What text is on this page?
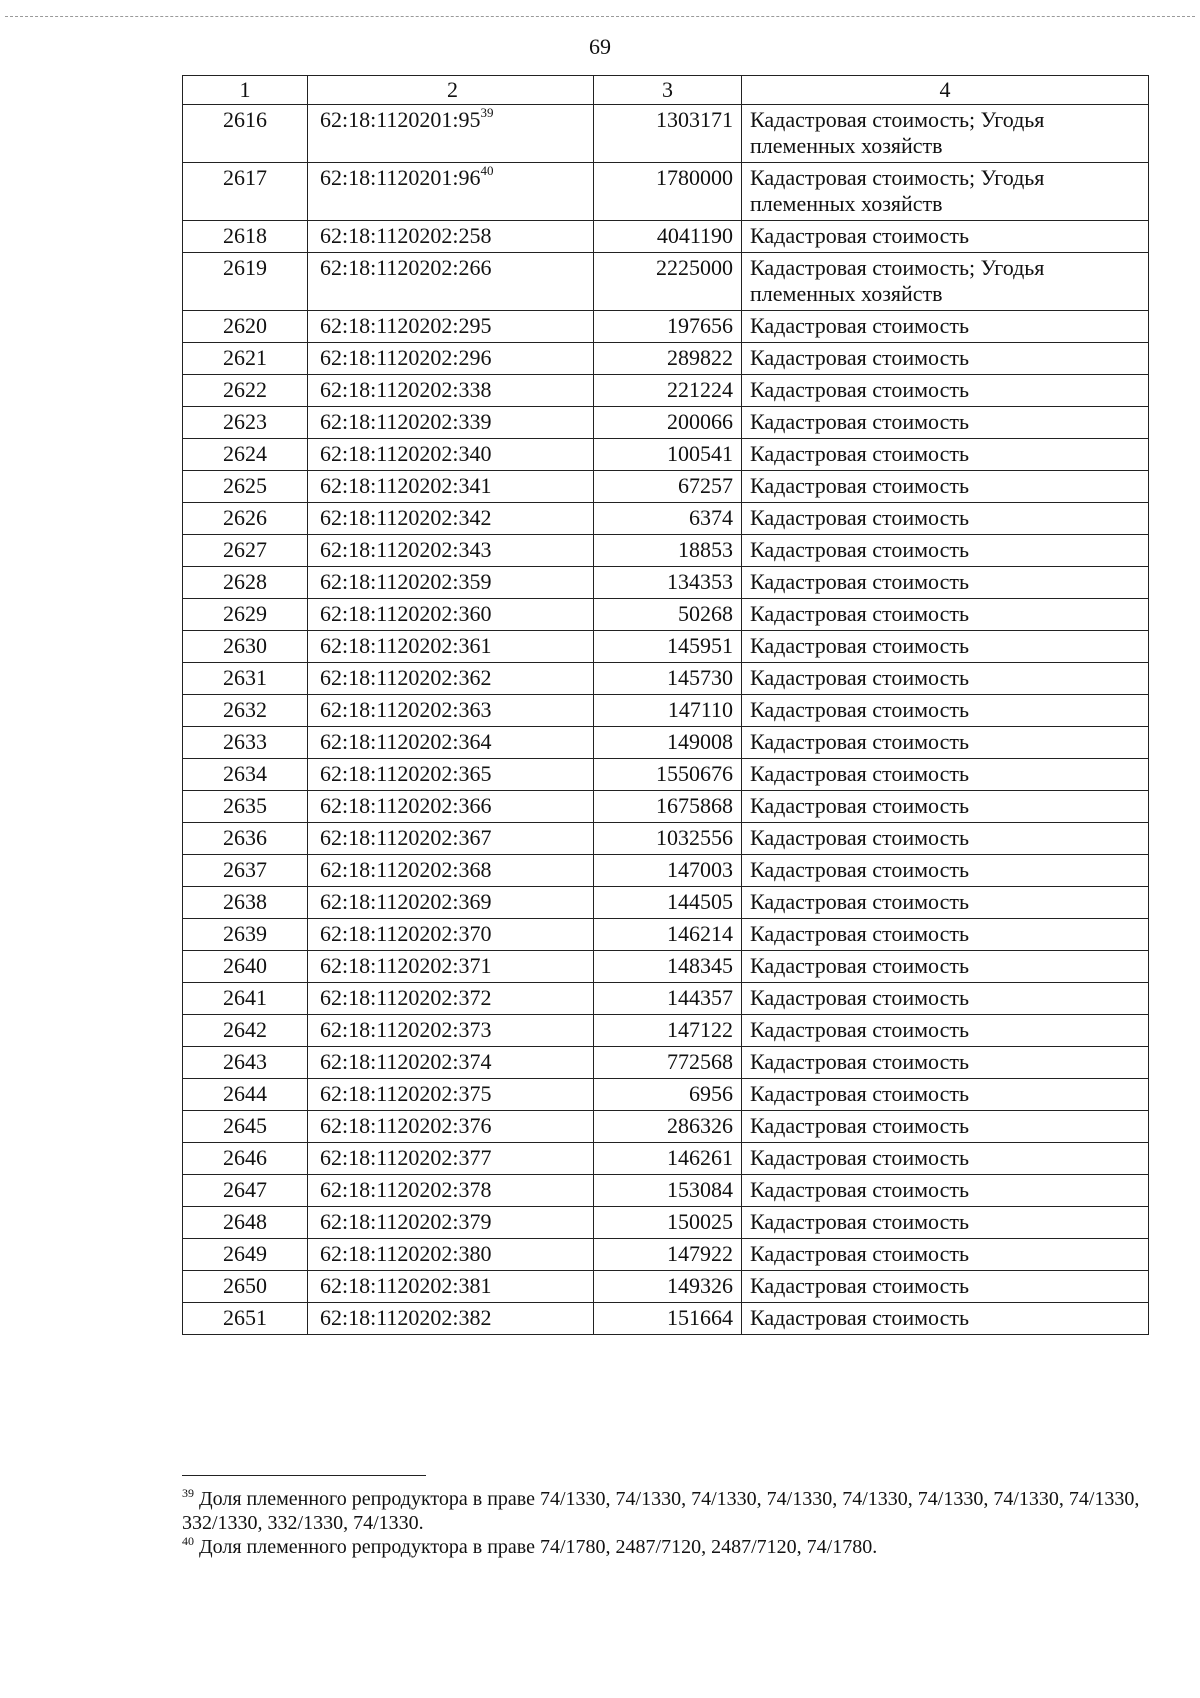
69
1	2	3	4
2616	$62:18:1120201:95^{39}$	1303171	Кадастровая стоимость; Угодья племенных хозяйств
2617	$62:18:1120201:96^{40}$	1780000	Кадастровая стоимость; Угодья племенных хозяйств
2618	62:18:1120202:258	4041190	Кадастровая стоимость
2619	62:18:1120202:266	2225000	Кадастровая стоимость; Угодья племенных хозяйств
2620	62:18:1120202:295	197656	Кадастровая стоимость
2621	62:18:1120202:296	289822	Кадастровая стоимость
2622	62:18:1120202:338	221224	Кадастровая стоимость
2623	62:18:1120202:339	200066	Кадастровая стоимость
2624	62:18:1120202:340	100541	Кадастровая стоимость
2625	62:18:1120202:341	67257	Кадастровая стоимость
2626	62:18:1120202:342	6374	Кадастровая стоимость
2627	62:18:1120202:343	18853	Кадастровая стоимость
2628	62:18:1120202:359	134353	Кадастровая стоимость
2629	62:18:1120202:360	50268	Кадастровая стоимость
2630	62:18:1120202:361	145951	Кадастровая стоимость
2631	62:18:1120202:362	145730	Кадастровая стоимость
2632	62:18:1120202:363	147110	Кадастровая стоимость
2633	62:18:1120202:364	149008	Кадастровая стоимость
2634	62:18:1120202:365	1550676	Кадастровая стоимость
2635	62:18:1120202:366	1675868	Кадастровая стоимость
2636	62:18:1120202:367	1032556	Кадастровая стоимость
2637	62:18:1120202:368	147003	Кадастровая стоимость
2638	62:18:1120202:369	144505	Кадастровая стоимость
2639	62:18:1120202:370	146214	Кадастровая стоимость
2640	62:18:1120202:371	148345	Кадастровая стоимость
2641	62:18:1120202:372	144357	Кадастровая стоимость
2642	62:18:1120202:373	147122	Кадастровая стоимость
2643	62:18:1120202:374	772568	Кадастровая стоимость
2644	62:18:1120202:375	6956	Кадастровая стоимость
2645	62:18:1120202:376	286326	Кадастровая стоимость
2646	62:18:1120202:377	146261	Кадастровая стоимость
2647	62:18:1120202:378	153084	Кадастровая стоимость
2648	62:18:1120202:379	150025	Кадастровая стоимость
2649	62:18:1120202:380	147922	Кадастровая стоимость
2650	62:18:1120202:381	149326	Кадастровая стоимость
2651	62:18:1120202:382	151664	Кадастровая стоимость

$^{39}$ Доля племенного репродуктора в праве 74/1330, 74/1330, 74/1330, 74/1330, 74/1330, 74/1330, 74/1330, 74/1330, 332/1330, 332/1330, 74/1330.

$^{40}$ Доля племенного репродуктора в праве 74/1780, 2487/7120, 2487/7120, 74/1780.
